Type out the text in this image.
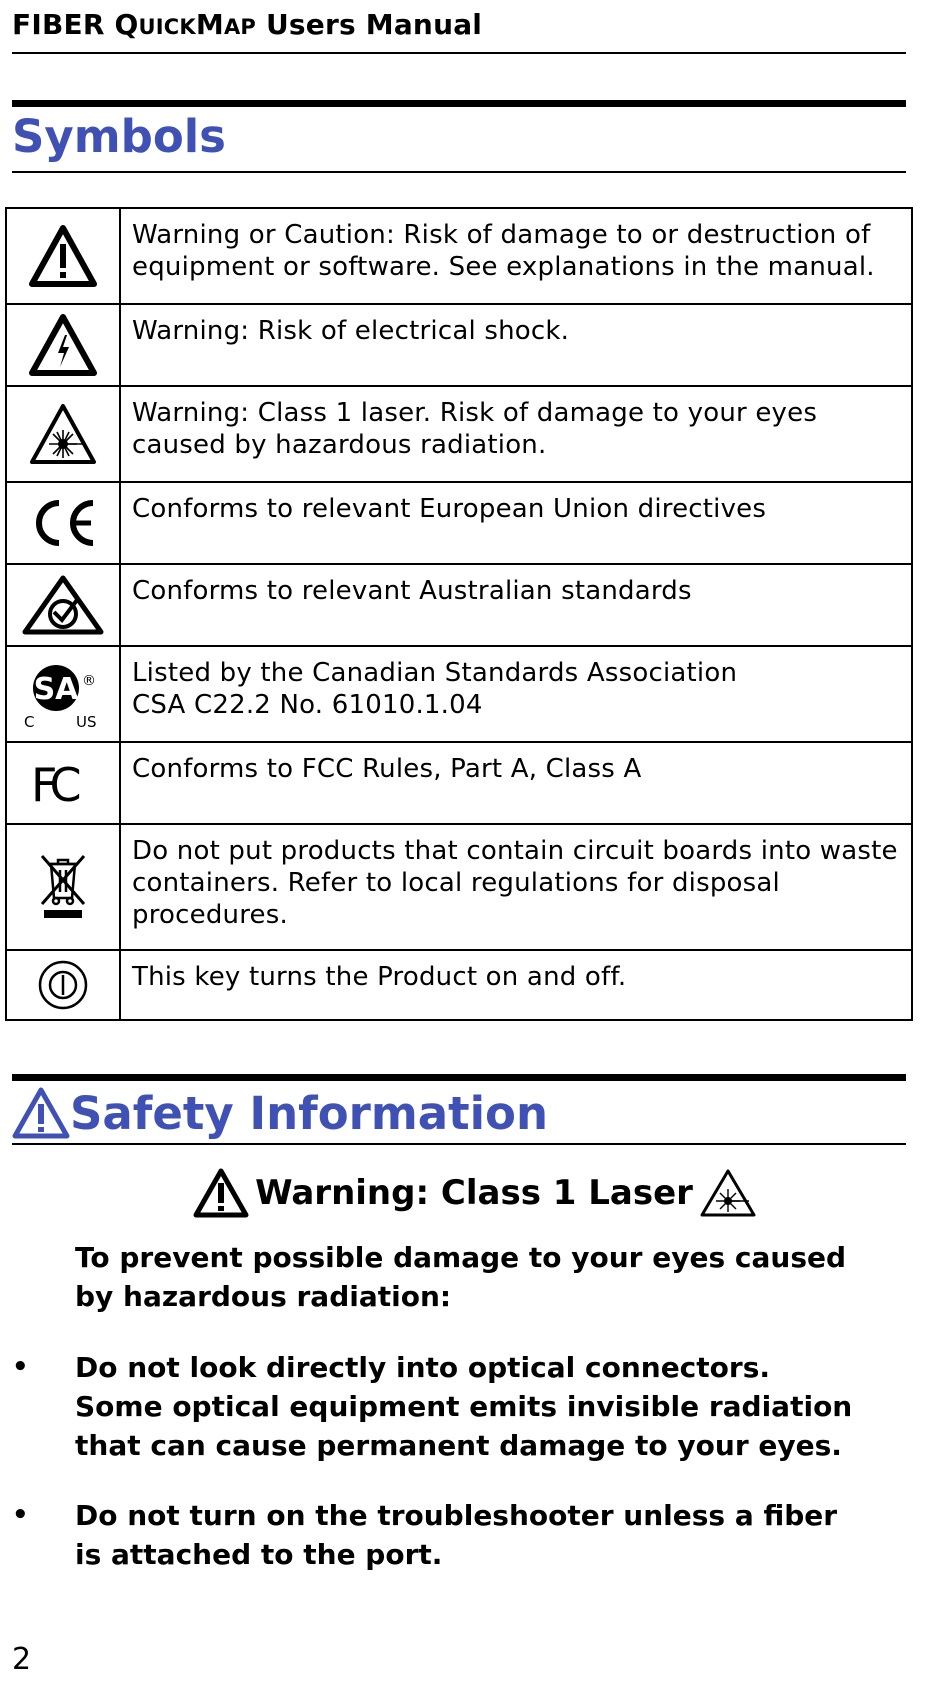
FIBER QUICKMAP Users Manual
Symbols
	Warning or Caution: Risk of damage to or destruction of equipment or software. See explanations in the manual.

	Warning: Risk of electrical shock.

	Warning: Class 1 laser. Risk of damage to your eyes caused by hazardous radiation.

	Conforms to relevant European Union directives

	Conforms to relevant Australian standards

SA ®
C US	Listed by the Canadian Standards Association
CSA C22.2 No. 61010.1.04

FC	Conforms to FCC Rules, Part A, Class A

	Do not put products that contain circuit boards into waste containers. Refer to local regulations for disposal procedures.

	This key turns the Product on and off.
Safety Information
Warning: Class 1 Laser
To prevent possible damage to your eyes caused by hazardous radiation:
• Do not look directly into optical connectors. Some optical equipment emits invisible radiation that can cause permanent damage to your eyes.
• Do not turn on the troubleshooter unless a fiber is attached to the port.
2
